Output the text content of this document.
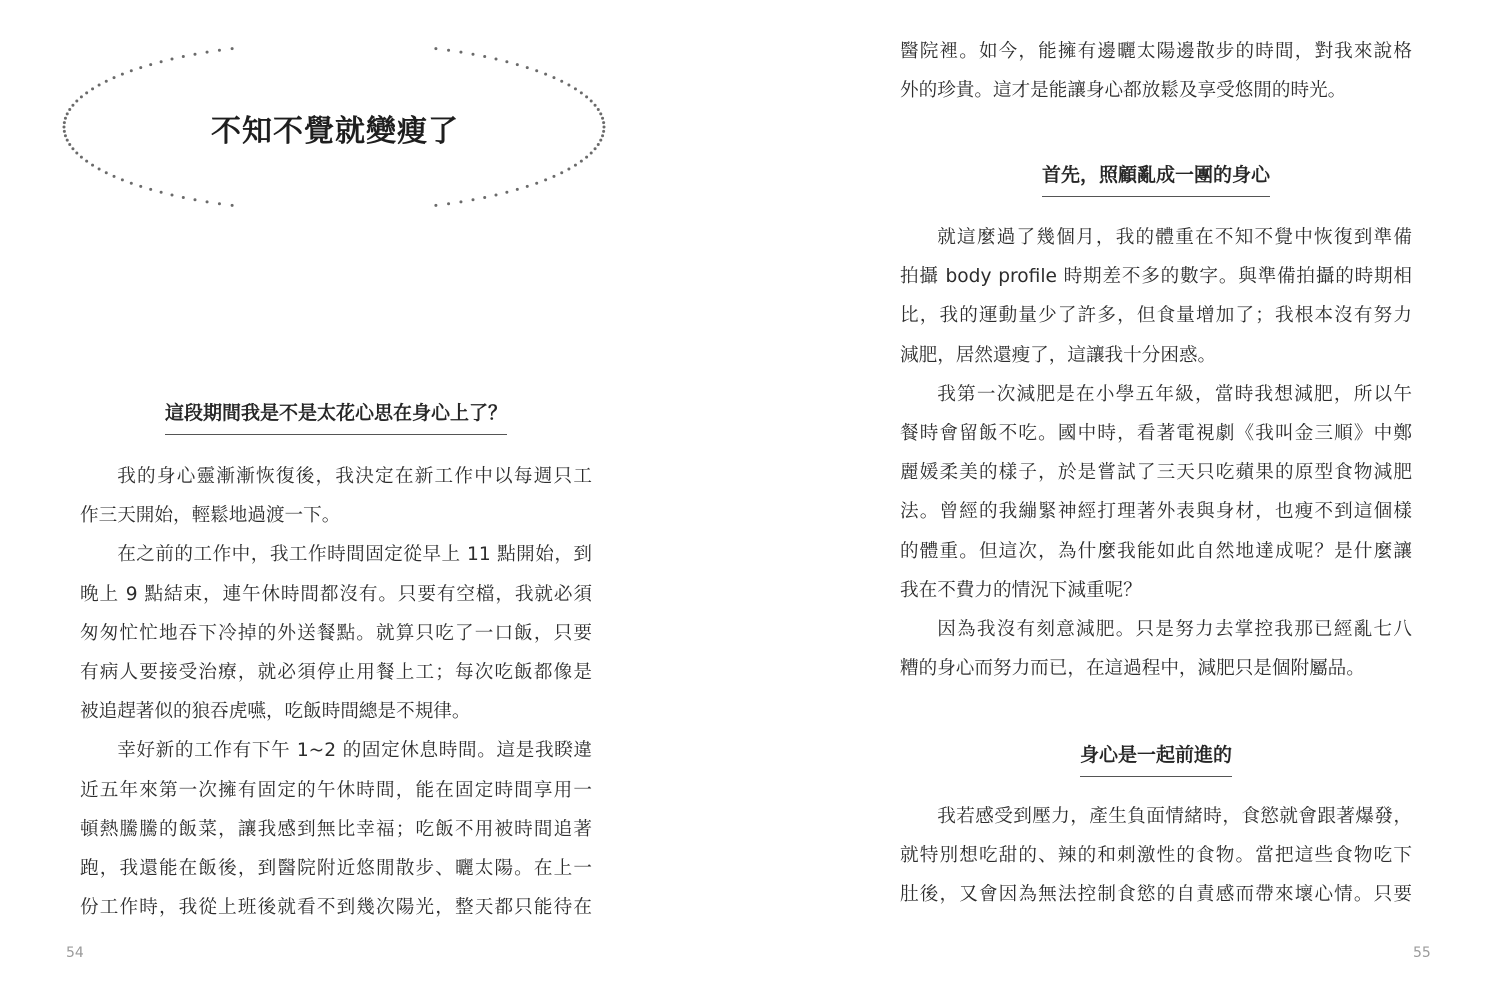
不知不覺就變瘦了
這段期間我是不是太花心思在身心上了？

我的身心靈漸漸恢復後，我決定在新工作中以每週只工

作三天開始，輕鬆地過渡一下。

在之前的工作中，我工作時間固定從早上 11 點開始，到

晚上 9 點結束，連午休時間都沒有。只要有空檔，我就必須

匆匆忙忙地吞下冷掉的外送餐點。就算只吃了一口飯，只要

有病人要接受治療，就必須停止用餐上工；每次吃飯都像是

被追趕著似的狼吞虎嚥，吃飯時間總是不規律。

幸好新的工作有下午 1~2 的固定休息時間。這是我睽違

近五年來第一次擁有固定的午休時間，能在固定時間享用一

頓熱騰騰的飯菜，讓我感到無比幸福；吃飯不用被時間追著

跑，我還能在飯後，到醫院附近悠閒散步、曬太陽。在上一

份工作時，我從上班後就看不到幾次陽光，整天都只能待在

54

醫院裡。如今，能擁有邊曬太陽邊散步的時間，對我來說格

外的珍貴。這才是能讓身心都放鬆及享受悠閒的時光。

首先，照顧亂成一團的身心

就這麼過了幾個月，我的體重在不知不覺中恢復到準備

拍攝 body profile 時期差不多的數字。與準備拍攝的時期相

比，我的運動量少了許多，但食量增加了；我根本沒有努力

減肥，居然還瘦了，這讓我十分困惑。

我第一次減肥是在小學五年級，當時我想減肥，所以午

餐時會留飯不吃。國中時，看著電視劇《我叫金三順》中鄭

麗媛柔美的樣子，於是嘗試了三天只吃蘋果的原型食物減肥

法。曾經的我繃緊神經打理著外表與身材，也瘦不到這個樣

的體重。但這次，為什麼我能如此自然地達成呢？是什麼讓

我在不費力的情況下減重呢？

因為我沒有刻意減肥。只是努力去掌控我那已經亂七八

糟的身心而努力而已，在這過程中，減肥只是個附屬品。

身心是一起前進的

我若感受到壓力，產生負面情緒時，食慾就會跟著爆發，

就特別想吃甜的、辣的和刺激性的食物。當把這些食物吃下

肚後，又會因為無法控制食慾的自責感而帶來壞心情。只要

55
